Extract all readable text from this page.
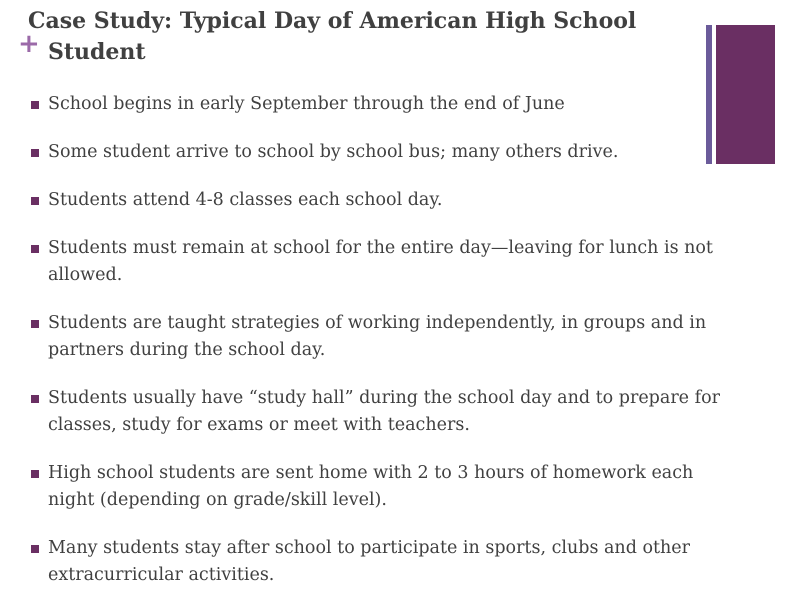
Case Study: Typical Day of American High School
Student
+
School begins in early September through the end of June
Some student arrive to school by school bus; many others drive.
Students attend 4-8 classes each school day.
Students must remain at school for the entire day—leaving for lunch is not allowed.
Students are taught strategies of working independently, in groups and in partners during the school day.
Students usually have “study hall” during the school day and to prepare for classes, study for exams or meet with teachers.
High school students are sent home with 2 to 3 hours of homework each night (depending on grade/skill level).
Many students stay after school to participate in sports, clubs and other extracurricular activities.
